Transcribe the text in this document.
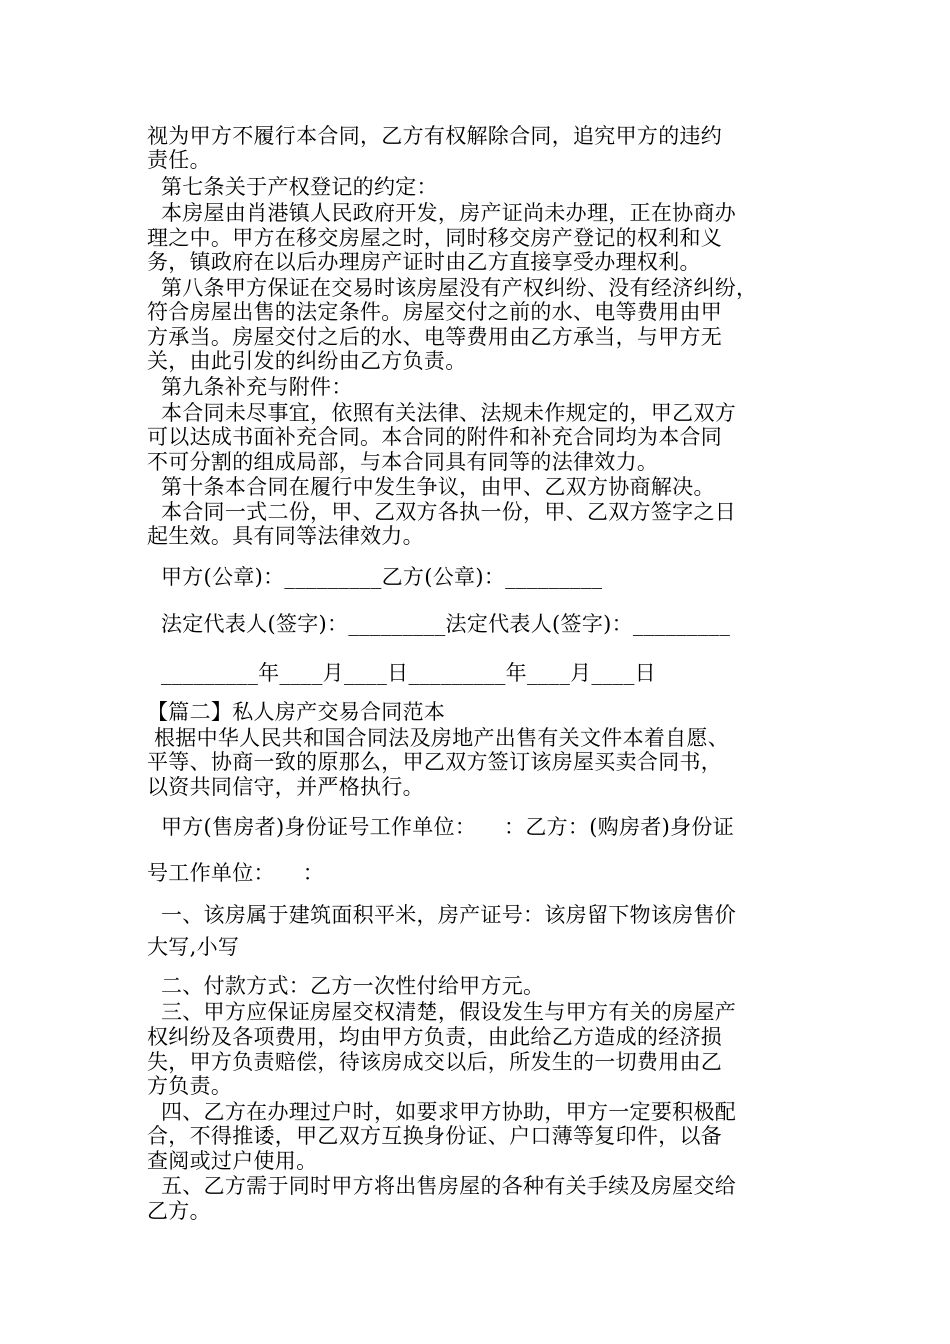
视为甲方不履行本合同，乙方有权解除合同，追究甲方的违约

责任。

第七条关于产权登记的约定：

本房屋由肖港镇人民政府开发，房产证尚未办理，正在协商办

理之中。甲方在移交房屋之时，同时移交房产登记的权利和义

务，镇政府在以后办理房产证时由乙方直接享受办理权利。

第八条甲方保证在交易时该房屋没有产权纠纷、没有经济纠纷，

符合房屋出售的法定条件。房屋交付之前的水、电等费用由甲

方承当。房屋交付之后的水、电等费用由乙方承当，与甲方无

关，由此引发的纠纷由乙方负责。

第九条补充与附件：

本合同未尽事宜，依照有关法律、法规未作规定的，甲乙双方

可以达成书面补充合同。本合同的附件和补充合同均为本合同

不可分割的组成局部，与本合同具有同等的法律效力。

第十条本合同在履行中发生争议，由甲、乙双方协商解决。

本合同一式二份，甲、乙双方各执一份，甲、乙双方签字之日

起生效。具有同等法律效力。

甲方(公章)：_________乙方(公章)：_________

法定代表人(签字)：_________法定代表人(签字)：_________

_________年____月____日_________年____月____日

【篇二】私人房产交易合同范本

根据中华人民共和国合同法及房地产出售有关文件本着自愿、

平等、协商一致的原那么，甲乙双方签订该房屋买卖合同书，

以资共同信守，并严格执行。

甲方(售房者)身份证号工作单位：    ：乙方：(购房者)身份证

号工作单位：    ：

一、该房属于建筑面积平米，房产证号：该房留下物该房售价

大写,小写

二、付款方式：乙方一次性付给甲方元。

三、甲方应保证房屋交权清楚，假设发生与甲方有关的房屋产

权纠纷及各项费用，均由甲方负责，由此给乙方造成的经济损

失，甲方负责赔偿，待该房成交以后，所发生的一切费用由乙

方负责。

四、乙方在办理过户时，如要求甲方协助，甲方一定要积极配

合，不得推诿，甲乙双方互换身份证、户口薄等复印件，以备

查阅或过户使用。

五、乙方需于同时甲方将出售房屋的各种有关手续及房屋交给

乙方。
